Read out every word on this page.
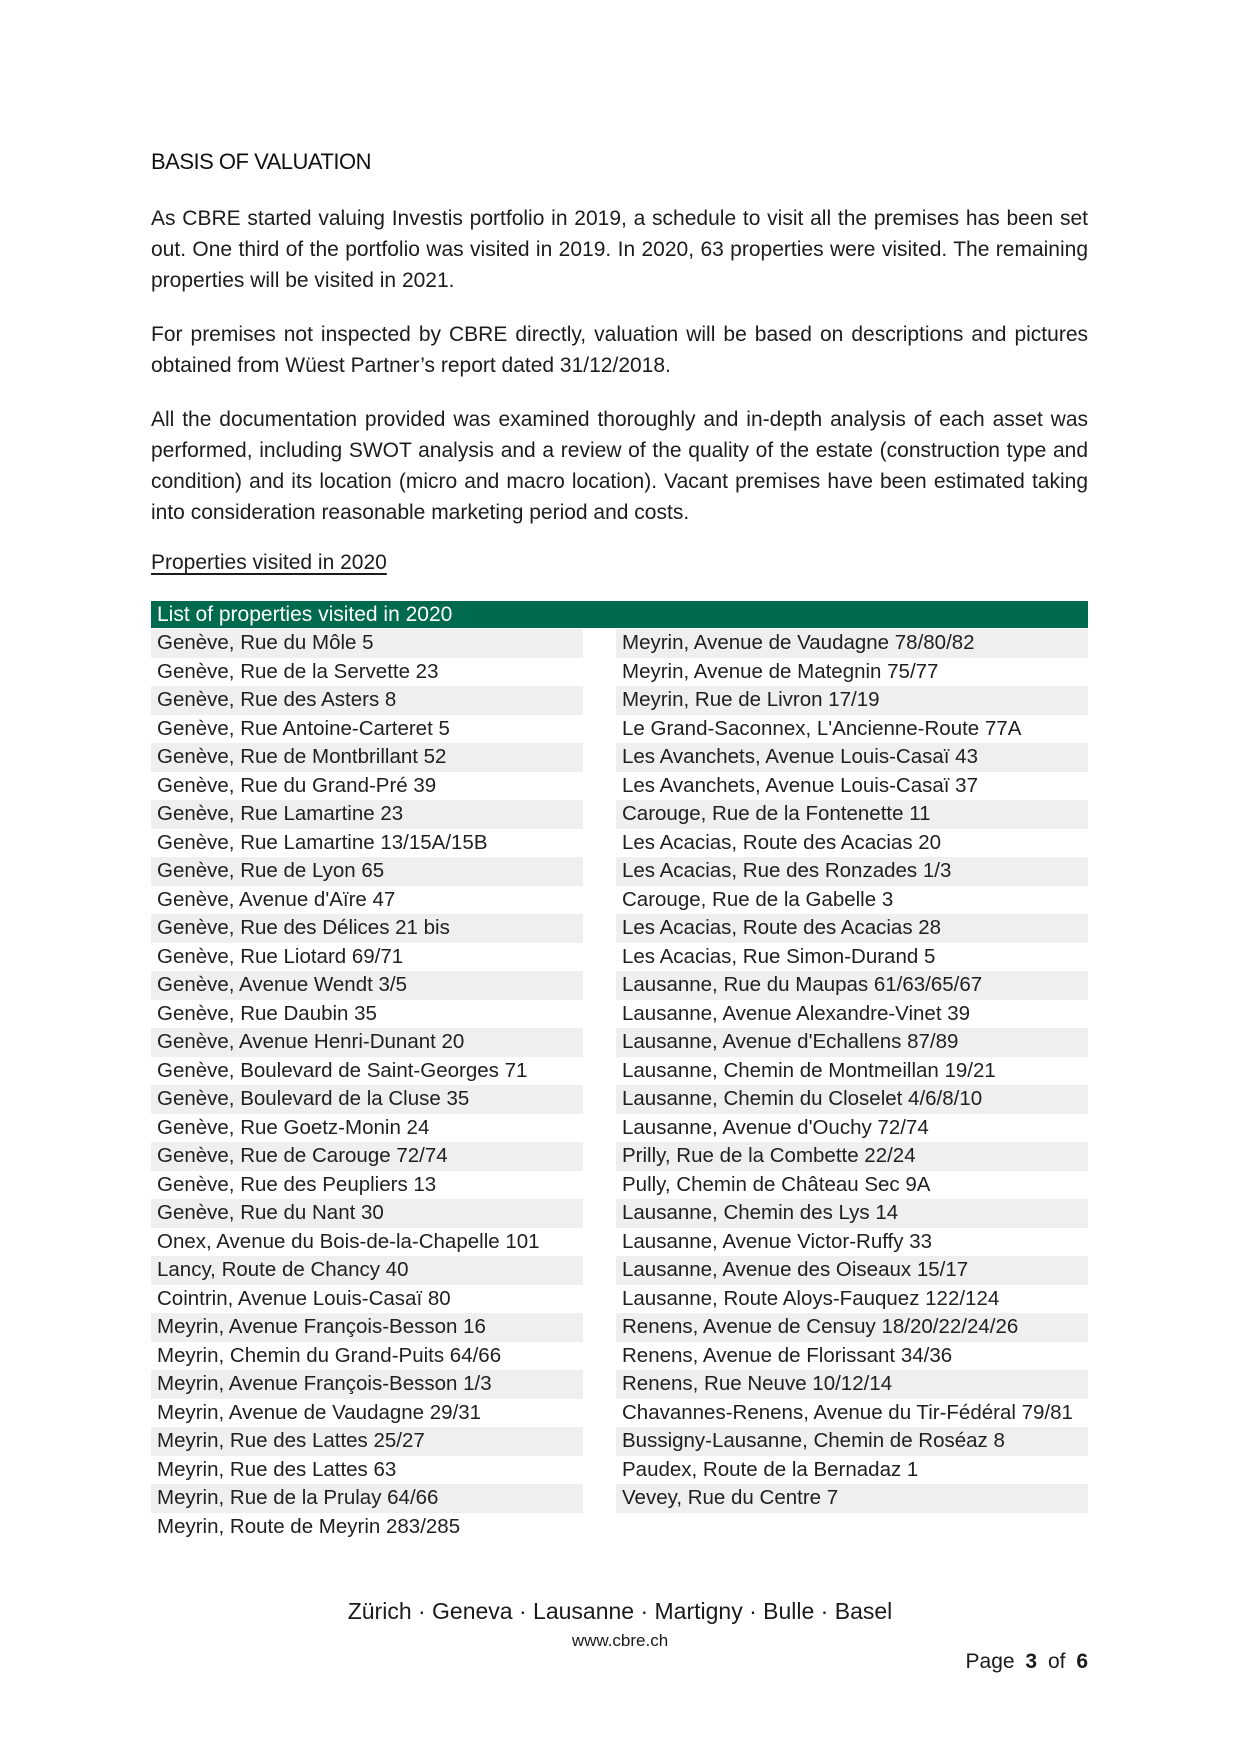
BASIS OF VALUATION

As CBRE started valuing Investis portfolio in 2019, a schedule to visit all the premises has been set out. One third of the portfolio was visited in 2019. In 2020, 63 properties were visited. The remaining properties will be visited in 2021.

For premises not inspected by CBRE directly, valuation will be based on descriptions and pictures obtained from Wüest Partner’s report dated 31/12/2018.

All the documentation provided was examined thoroughly and in-depth analysis of each asset was performed, including SWOT analysis and a review of the quality of the estate (construction type and condition) and its location (micro and macro location). Vacant premises have been estimated taking into consideration reasonable marketing period and costs.

Properties visited in 2020
List of properties visited in 2020
Genève, Rue du Môle 5
Genève, Rue de la Servette 23
Genève, Rue des Asters 8
Genève, Rue Antoine-Carteret 5
Genève, Rue de Montbrillant 52
Genève, Rue du Grand-Pré 39
Genève, Rue Lamartine 23
Genève, Rue Lamartine 13/15A/15B
Genève, Rue de Lyon 65
Genève, Avenue d'Aïre 47
Genève, Rue des Délices 21 bis
Genève, Rue Liotard 69/71
Genève, Avenue Wendt 3/5
Genève, Rue Daubin 35
Genève, Avenue Henri-Dunant 20
Genève, Boulevard de Saint-Georges 71
Genève, Boulevard de la Cluse 35
Genève, Rue Goetz-Monin 24
Genève, Rue de Carouge 72/74
Genève, Rue des Peupliers 13
Genève, Rue du Nant 30
Onex, Avenue du Bois-de-la-Chapelle 101
Lancy, Route de Chancy 40
Cointrin, Avenue Louis-Casaï 80
Meyrin, Avenue François-Besson 16
Meyrin, Chemin du Grand-Puits 64/66
Meyrin, Avenue François-Besson 1/3
Meyrin, Avenue de Vaudagne 29/31
Meyrin, Rue des Lattes 25/27
Meyrin, Rue des Lattes 63
Meyrin, Rue de la Prulay 64/66
Meyrin, Route de Meyrin 283/285
Meyrin, Avenue de Vaudagne 78/80/82
Meyrin, Avenue de Mategnin 75/77
Meyrin, Rue de Livron 17/19
Le Grand-Saconnex, L'Ancienne-Route 77A
Les Avanchets, Avenue Louis-Casaï 43
Les Avanchets, Avenue Louis-Casaï 37
Carouge, Rue de la Fontenette 11
Les Acacias, Route des Acacias 20
Les Acacias, Rue des Ronzades 1/3
Carouge, Rue de la Gabelle 3
Les Acacias, Route des Acacias 28
Les Acacias, Rue Simon-Durand 5
Lausanne, Rue du Maupas 61/63/65/67
Lausanne, Avenue Alexandre-Vinet 39
Lausanne, Avenue d'Echallens 87/89
Lausanne, Chemin de Montmeillan 19/21
Lausanne, Chemin du Closelet 4/6/8/10
Lausanne, Avenue d'Ouchy 72/74
Prilly, Rue de la Combette 22/24
Pully, Chemin de Château Sec 9A
Lausanne, Chemin des Lys 14
Lausanne, Avenue Victor-Ruffy 33
Lausanne, Avenue des Oiseaux 15/17
Lausanne, Route Aloys-Fauquez 122/124
Renens, Avenue de Censuy 18/20/22/24/26
Renens, Avenue de Florissant 34/36
Renens, Rue Neuve 10/12/14
Chavannes-Renens, Avenue du Tir-Fédéral 79/81
Bussigny-Lausanne, Chemin de Roséaz 8
Paudex, Route de la Bernadaz 1
Vevey, Rue du Centre 7
Zürich · Geneva · Lausanne · Martigny · Bulle · Basel
www.cbre.ch
Page 3 of 6
